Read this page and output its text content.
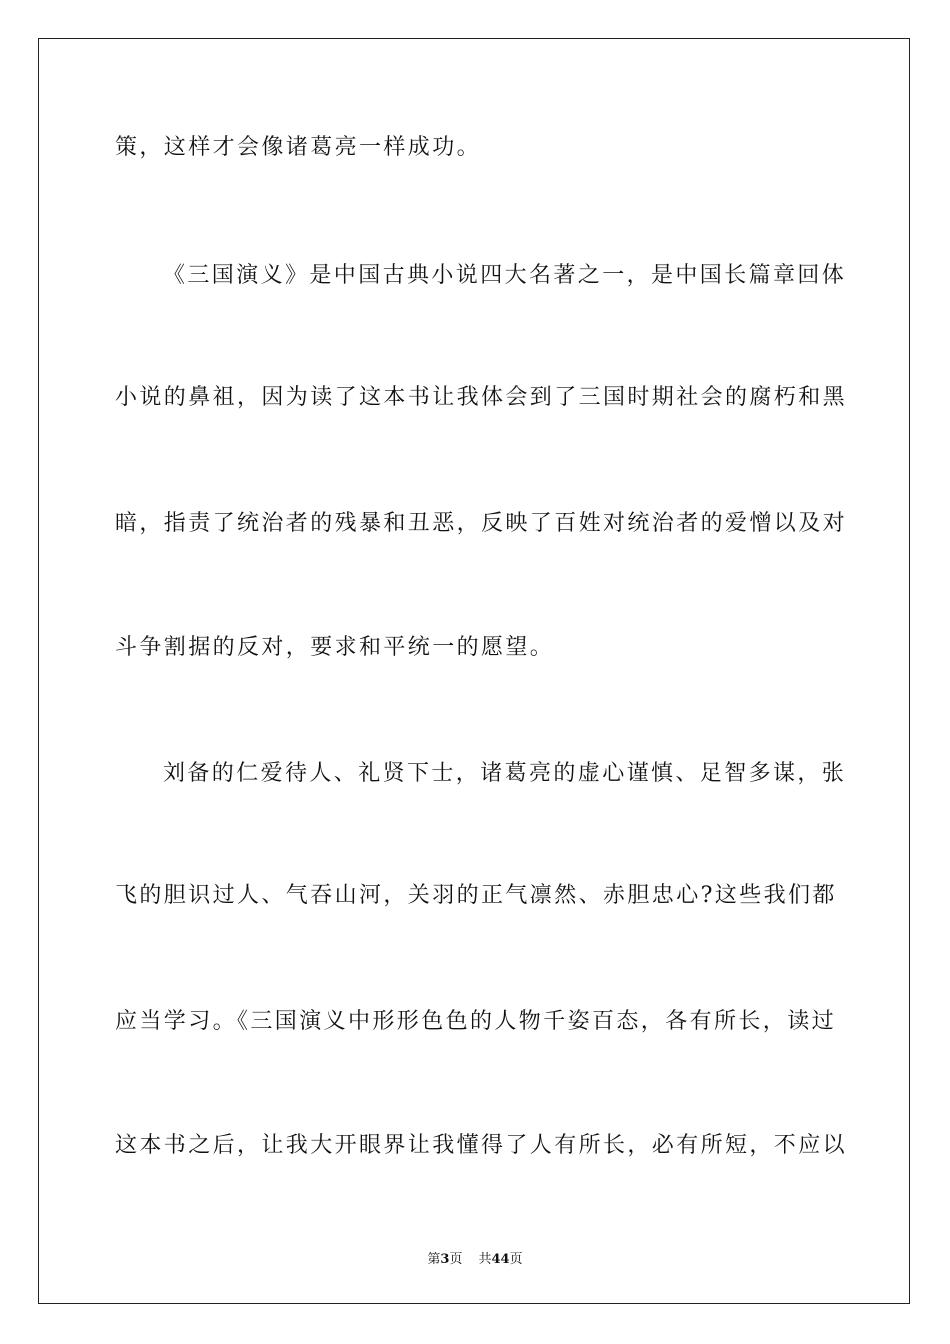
策，这样才会像诸葛亮一样成功。
《三国演义》是中国古典小说四大名著之一，是中国长篇章回体
小说的鼻祖，因为读了这本书让我体会到了三国时期社会的腐朽和黑
暗，指责了统治者的残暴和丑恶，反映了百姓对统治者的爱憎以及对
斗争割据的反对，要求和平统一的愿望。
刘备的仁爱待人、礼贤下士，诸葛亮的虚心谨慎、足智多谋，张
飞的胆识过人、气吞山河，关羽的正气凛然、赤胆忠心?这些我们都
应当学习。《三国演义中形形色色的人物千姿百态，各有所长，读过
这本书之后，让我大开眼界让我懂得了人有所长，必有所短，不应以
第3页 共44页
